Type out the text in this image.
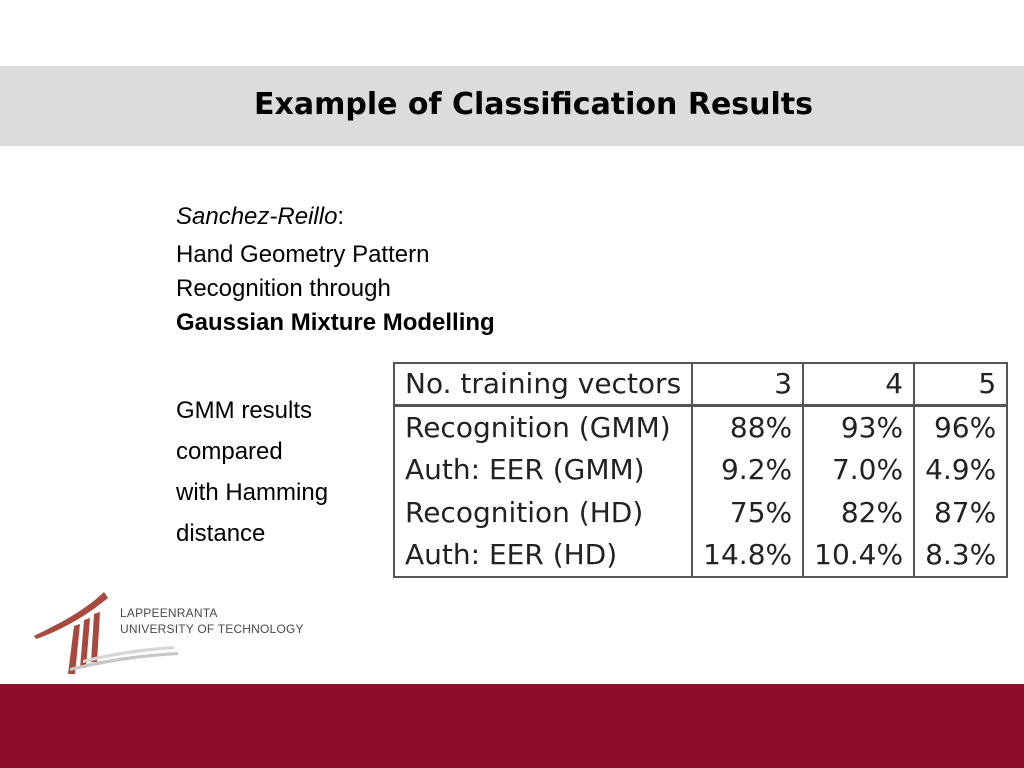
Example of Classification Results
Sanchez-Reillo:
Hand Geometry Pattern
Recognition through
Gaussian Mixture Modelling
GMM results
compared
with Hamming
distance
No. training vectors	3	4	5
Recognition (GMM)	88%	93%	96%
Auth: EER (GMM)	9.2%	7.0%	4.9%
Recognition (HD)	75%	82%	87%
Auth: EER (HD)	14.8%	10.4%	8.3%
LAPPEENRANTA
UNIVERSITY OF TECHNOLOGY
